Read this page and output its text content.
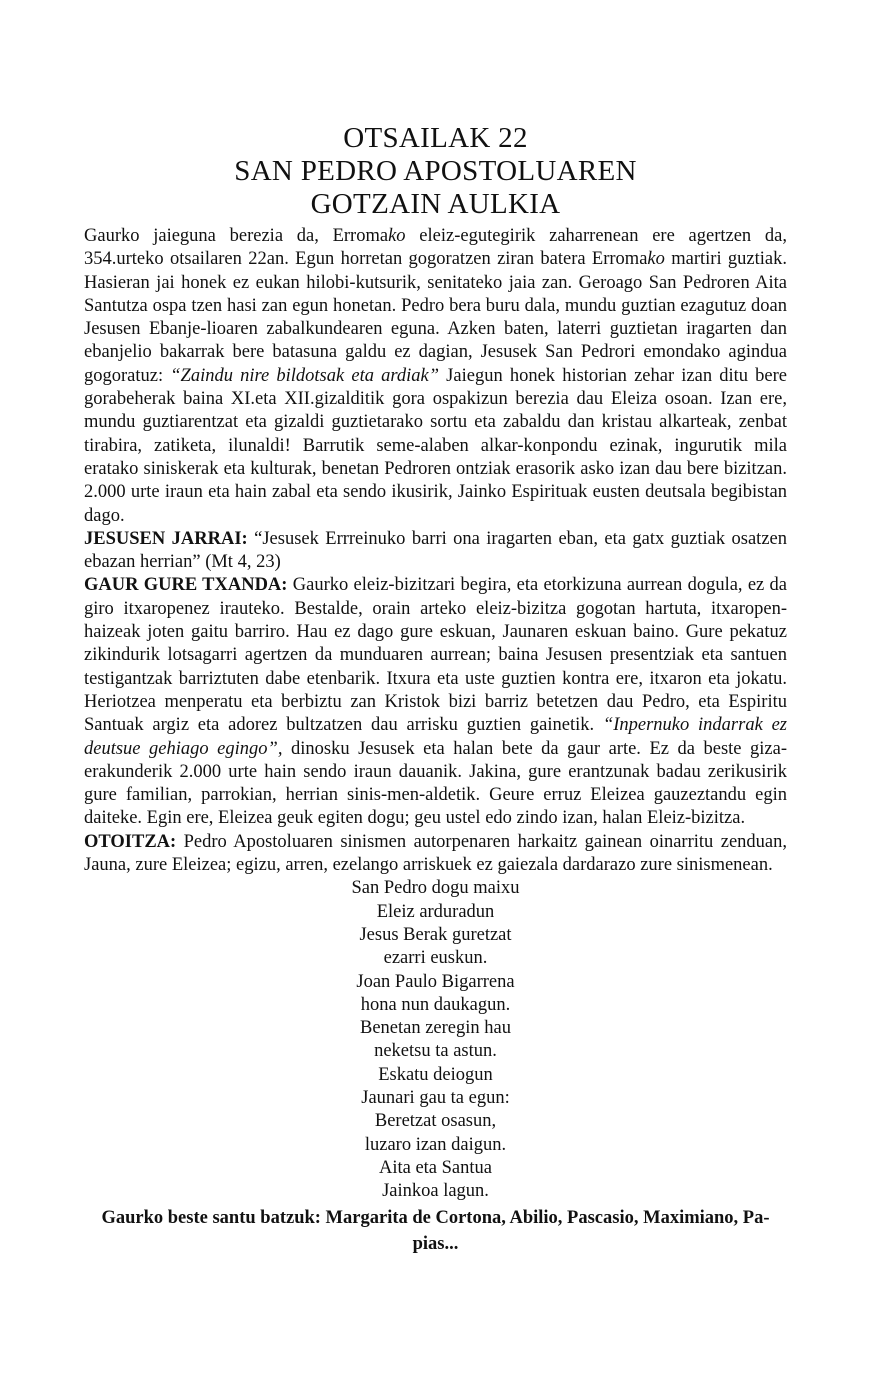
OTSAILAK 22
SAN PEDRO APOSTOLUAREN
GOTZAIN AULKIA

Gaurko jaieguna berezia da, Erromako eleiz-egutegirik zaharrenean ere agertzen da, 354.urteko otsailaren 22an. Egun horretan gogoratzen ziran batera Erromako martiri guztiak. Hasieran jai honek ez eukan hilobi-kutsurik, senitateko jaia zan. Geroago San Pedroren Aita Santutza ospa tzen hasi zan egun honetan. Pedro bera buru dala, mundu guztian ezagutuz doan Jesusen Ebanje-lioaren zabalkundearen eguna. Azken baten, laterri guztietan iragarten dan ebanjelio bakarrak bere batasuna galdu ez dagian, Jesusek San Pedrori emondako agindua gogoratuz: “Zaindu nire bildotsak eta ardiak” Jaiegun honek historian zehar izan ditu bere gorabeherak baina XI.eta XII.gizalditik gora ospakizun berezia dau Eleiza osoan. Izan ere, mundu guztiarentzat eta gizaldi guztietarako sortu eta zabaldu dan kristau alkarteak, zenbat tirabira, zatiketa, ilunaldi! Barrutik seme-alaben alkar-konpondu ezinak, ingurutik mila eratako siniskerak eta kulturak, benetan Pedroren ontziak erasorik asko izan dau bere bizitzan. 2.000 urte iraun eta hain zabal eta sendo ikusirik, Jainko Espirituak eusten deutsala begibistan dago.

JESUSEN JARRAI: “Jesusek Errreinuko barri ona iragarten eban, eta gatx guztiak osatzen ebazan herrian” (Mt 4, 23)

GAUR GURE TXANDA: Gaurko eleiz-bizitzari begira, eta etorkizuna aurrean dogula, ez da giro itxaropenez irauteko. Bestalde, orain arteko eleiz-bizitza gogotan hartuta, itxaropen-haizeak joten gaitu barriro. Hau ez dago gure eskuan, Jaunaren eskuan baino. Gure pekatuz zikindurik lotsagarri agertzen da munduaren aurrean; baina Jesusen presentziak eta santuen testigantzak barriztuten dabe etenbarik. Itxura eta uste guztien kontra ere, itxaron eta jokatu. Heriotzea menperatu eta berbiztu zan Kristok bizi barriz betetzen dau Pedro, eta Espiritu Santuak argiz eta adorez bultzatzen dau arrisku guztien gainetik. “Inpernuko indarrak ez deutsue gehiago egingo”, dinosku Jesusek eta halan bete da gaur arte. Ez da beste giza-erakunderik 2.000 urte hain sendo iraun dauanik. Jakina, gure erantzunak badau zerikusirik gure familian, parrokian, herrian sinis-men-aldetik. Geure erruz Eleizea gauzeztandu egin daiteke. Egin ere, Eleizea geuk egiten dogu; geu ustel edo zindo izan, halan Eleiz-bizitza.

OTOITZA: Pedro Apostoluaren sinismen autorpenaren harkaitz gainean oinarritu zenduan, Jauna, zure Eleizea; egizu, arren, ezelango arriskuek ez gaiezala dardarazo zure sinismenean.

San Pedro dogu maixu
Eleiz arduradun
Jesus Berak guretzat
ezarri euskun.
Joan Paulo Bigarrena
hona nun daukagun.
Benetan zeregin hau
neketsu ta astun.
Eskatu deiogun
Jaunari gau ta egun:
Beretzat osasun,
luzaro izan daigun.
Aita eta Santua
Jainkoa lagun.
Gaurko beste santu batzuk: Margarita de Cortona, Abilio, Pascasio, Maximiano, Pa-pias...
